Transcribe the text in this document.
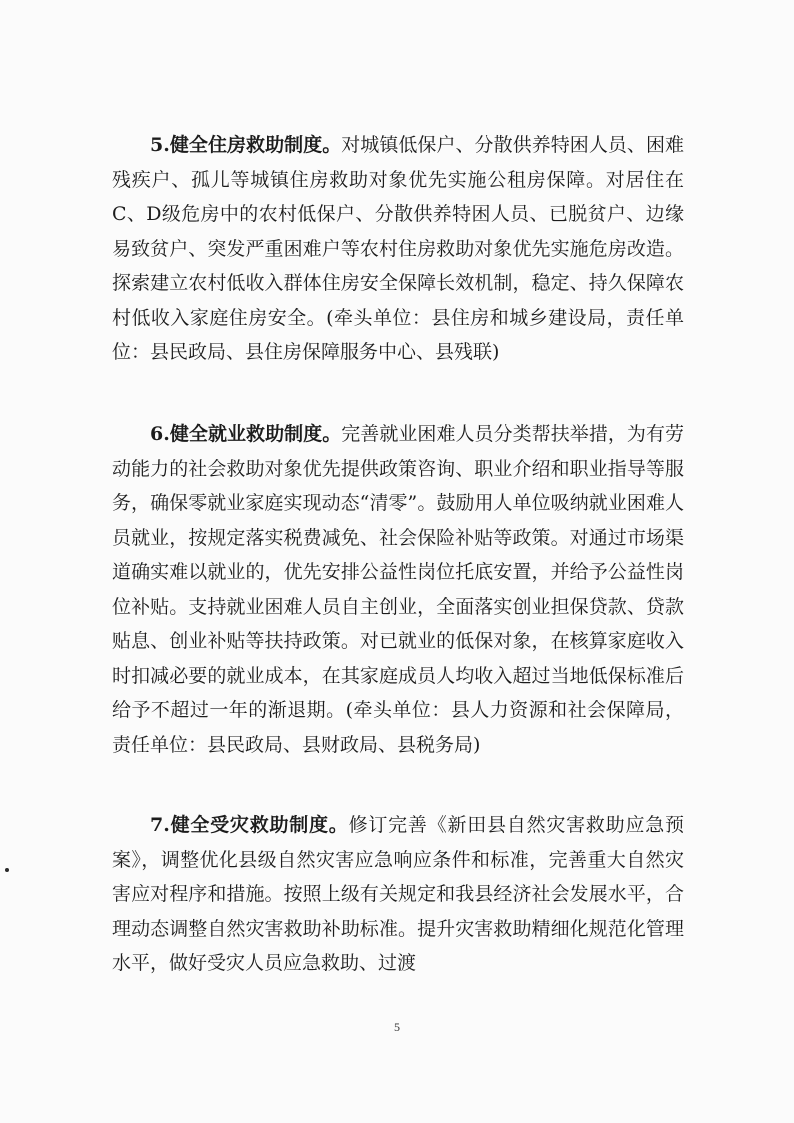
5.健全住房救助制度。对城镇低保户、分散供养特困人员、困难残疾户、孤儿等城镇住房救助对象优先实施公租房保障。对居住在C、D级危房中的农村低保户、分散供养特困人员、已脱贫户、边缘易致贫户、突发严重困难户等农村住房救助对象优先实施危房改造。探索建立农村低收入群体住房安全保障长效机制，稳定、持久保障农村低收入家庭住房安全。(牵头单位：县住房和城乡建设局，责任单位：县民政局、县住房保障服务中心、县残联)

6.健全就业救助制度。完善就业困难人员分类帮扶举措，为有劳动能力的社会救助对象优先提供政策咨询、职业介绍和职业指导等服务，确保零就业家庭实现动态“清零”。鼓励用人单位吸纳就业困难人员就业，按规定落实税费减免、社会保险补贴等政策。对通过市场渠道确实难以就业的，优先安排公益性岗位托底安置，并给予公益性岗位补贴。支持就业困难人员自主创业，全面落实创业担保贷款、贷款贴息、创业补贴等扶持政策。对已就业的低保对象，在核算家庭收入时扣减必要的就业成本，在其家庭成员人均收入超过当地低保标准后给予不超过一年的渐退期。(牵头单位：县人力资源和社会保障局，责任单位：县民政局、县财政局、县税务局)

7.健全受灾救助制度。修订完善《新田县自然灾害救助应急预案》，调整优化县级自然灾害应急响应条件和标准，完善重大自然灾害应对程序和措施。按照上级有关规定和我县经济社会发展水平，合理动态调整自然灾害救助补助标准。提升灾害救助精细化规范化管理水平，做好受灾人员应急救助、过渡

5
